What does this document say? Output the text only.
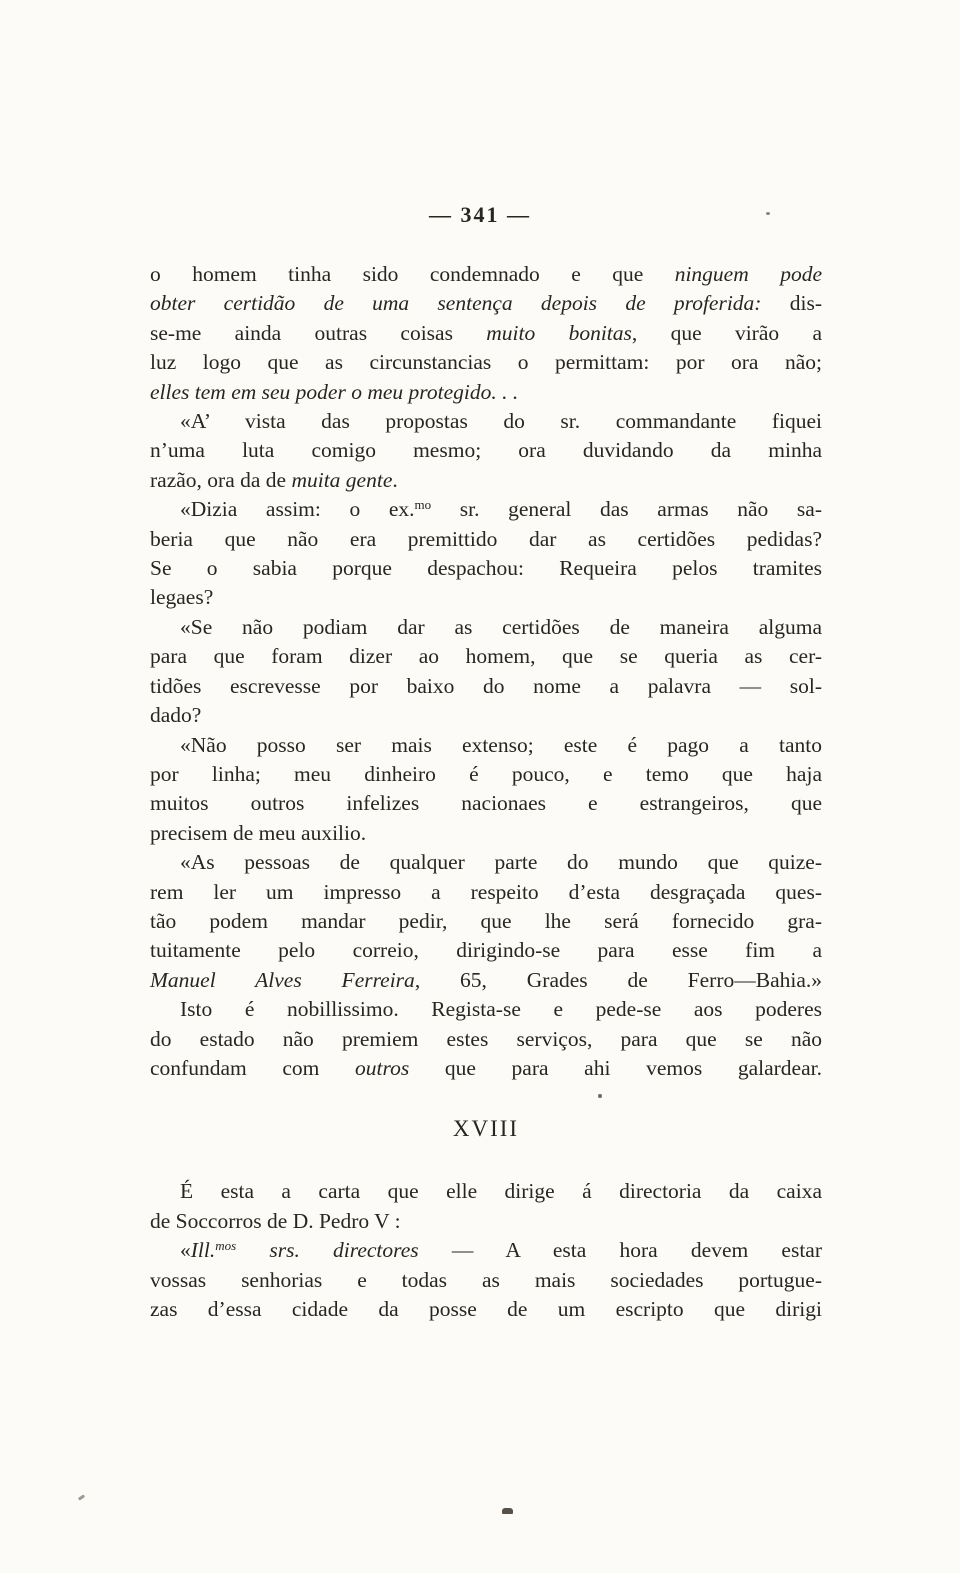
— 341 —
o homem tinha sido condemnado e que ninguem pode
obter certidão de uma sentença depois de proferida: dis-
se-me ainda outras coisas muito bonitas, que virão a
luz logo que as circunstancias o permittam: por ora não;
elles tem em seu poder o meu protegido. . .
«A’ vista das propostas do sr. commandante fiquei
n’uma luta comigo mesmo; ora duvidando da minha
razão, ora da de muita gente.
«Dizia assim: o ex.$^{mo}$ sr. general das armas não sa-
beria que não era premittido dar as certidões pedidas?
Se o sabia porque despachou: Requeira pelos tramites
legaes?
«Se não podiam dar as certidões de maneira alguma
para que foram dizer ao homem, que se queria as cer-
tidões escrevesse por baixo do nome a palavra — sol-
dado?
«Não posso ser mais extenso; este é pago a tanto
por linha; meu dinheiro é pouco, e temo que haja
muitos outros infelizes nacionaes e estrangeiros, que
precisem de meu auxilio.
«As pessoas de qualquer parte do mundo que quize-
rem ler um impresso a respeito d’esta desgraçada ques-
tão podem mandar pedir, que lhe será fornecido gra-
tuitamente pelo correio, dirigindo-se para esse fim a
Manuel Alves Ferreira, 65, Grades de Ferro—Bahia.»
Isto é nobillissimo. Regista-se e pede-se aos poderes
do estado não premiem estes serviços, para que se não
confundam com outros que para ahi vemos galardear.
XVIII
É esta a carta que elle dirige á directoria da caixa
de Soccorros de D. Pedro V :
«Ill.$^{mos}$ srs. directores — A esta hora devem estar
vossas senhorias e todas as mais sociedades portugue-
zas d’essa cidade da posse de um escripto que dirigi
